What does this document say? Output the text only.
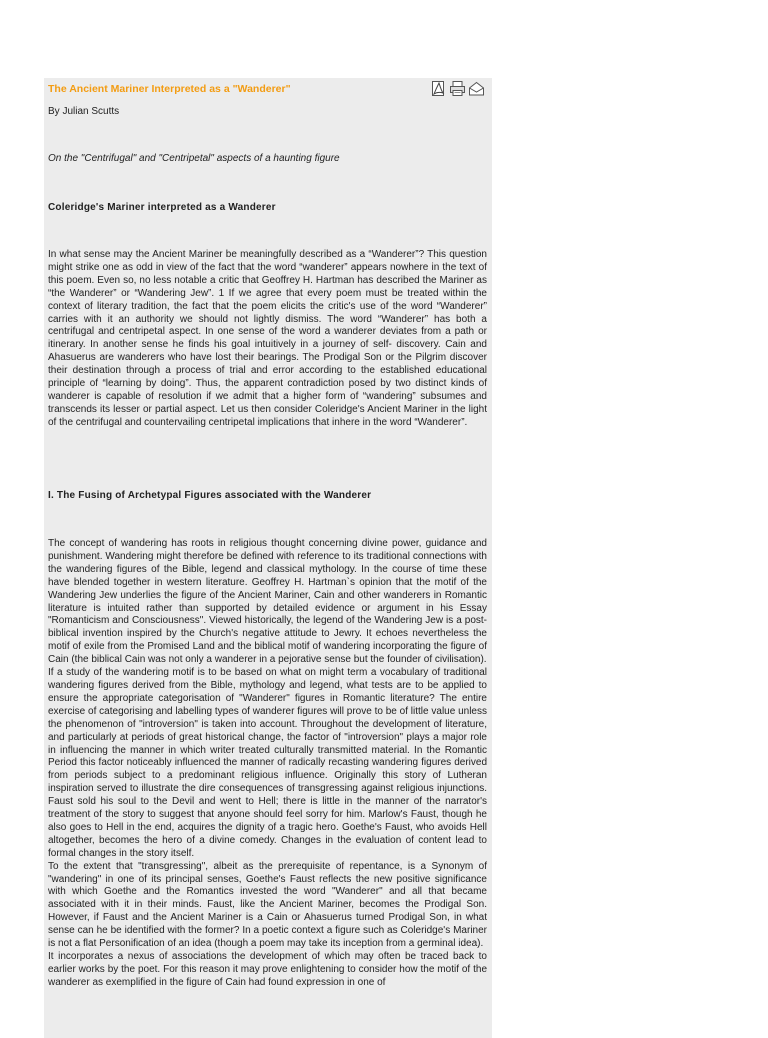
The Ancient Mariner Interpreted as a "Wanderer"
By Julian Scutts
On the "Centrifugal" and "Centripetal" aspects of a haunting figure
Coleridge's Mariner interpreted as a Wanderer

In what sense may the Ancient Mariner be meaningfully described as a “Wanderer”? This question might strike one as odd in view of the fact that the word “wanderer” appears nowhere in the text of this poem. Even so, no less notable a critic that Geoffrey H. Hartman has described the Mariner as “the Wanderer” or “Wandering Jew”. 1 If we agree that every poem must be treated within the context of literary tradition, the fact that the poem elicits the critic's use of the word “Wanderer” carries with it an authority we should not lightly dismiss. The word “Wanderer” has both a centrifugal and centripetal aspect. In one sense of the word a wanderer deviates from a path or itinerary. In another sense he finds his goal intuitively in a journey of self- discovery. Cain and Ahasuerus are wanderers who have lost their bearings. The Prodigal Son or the Pilgrim discover their destination through a process of trial and error according to the established educational principle of “learning by doing”. Thus, the apparent contradiction posed by two distinct kinds of wanderer is capable of resolution if we admit that a higher form of “wandering” subsumes and transcends its lesser or partial aspect. Let us then consider Coleridge's Ancient Mariner in the light of the centrifugal and countervailing centripetal implications that inhere in the word “Wanderer”.

I. The Fusing of Archetypal Figures associated with the Wanderer

The concept of wandering has roots in religious thought concerning divine power, guidance and punishment. Wandering might therefore be defined with reference to its traditional connections with the wandering figures of the Bible, legend and classical mythology. In the course of time these have blended together in western literature. Geoffrey H. Hartman`s opinion that the motif of the Wandering Jew underlies the figure of the Ancient Mariner, Cain and other wanderers in Romantic literature is intuited rather than supported by detailed evidence or argument in his Essay "Romanticism and Consciousness". Viewed historically, the legend of the Wandering Jew is a post-biblical invention inspired by the Church's negative attitude to Jewry. It echoes nevertheless the motif of exile from the Promised Land and the biblical motif of wandering incorporating the figure of Cain (the biblical Cain was not only a wanderer in a pejorative sense but the founder of civilisation).

If a study of the wandering motif is to be based on what on might term a vocabulary of traditional wandering figures derived from the Bible, mythology and legend, what tests are to be applied to ensure the appropriate categorisation of "Wanderer" figures in Romantic literature? The entire exercise of categorising and labelling types of wanderer figures will prove to be of little value unless the phenomenon of "introversion" is taken into account. Throughout the development of literature, and particularly at periods of great historical change, the factor of "introversion" plays a major role in influencing the manner in which writer treated culturally transmitted material. In the Romantic Period this factor noticeably influenced the manner of radically recasting wandering figures derived from periods subject to a predominant religious influence. Originally this story of Lutheran inspiration served to illustrate the dire consequences of transgressing against religious injunctions. Faust sold his soul to the Devil and went to Hell; there is little in the manner of the narrator's treatment of the story to suggest that anyone should feel sorry for him. Marlow's Faust, though he also goes to Hell in the end, acquires the dignity of a tragic hero. Goethe's Faust, who avoids Hell altogether, becomes the hero of a divine comedy. Changes in the evaluation of content lead to formal changes in the story itself.

To the extent that "transgressing", albeit as the prerequisite of repentance, is a Synonym of "wandering" in one of its principal senses, Goethe's Faust reflects the new positive significance with which Goethe and the Romantics invested the word "Wanderer" and all that became associated with it in their minds. Faust, like the Ancient Mariner, becomes the Prodigal Son. However, if Faust and the Ancient Mariner is a Cain or Ahasuerus turned Prodigal Son, in what sense can he be identified with the former? In a poetic context a figure such as Coleridge's Mariner is not a flat Personification of an idea (though a poem may take its inception from a germinal idea).

It incorporates a nexus of associations the development of which may often be traced back to earlier works by the poet. For this reason it may prove enlightening to consider how the motif of the wanderer as exemplified in the figure of Cain had found expression in one of
